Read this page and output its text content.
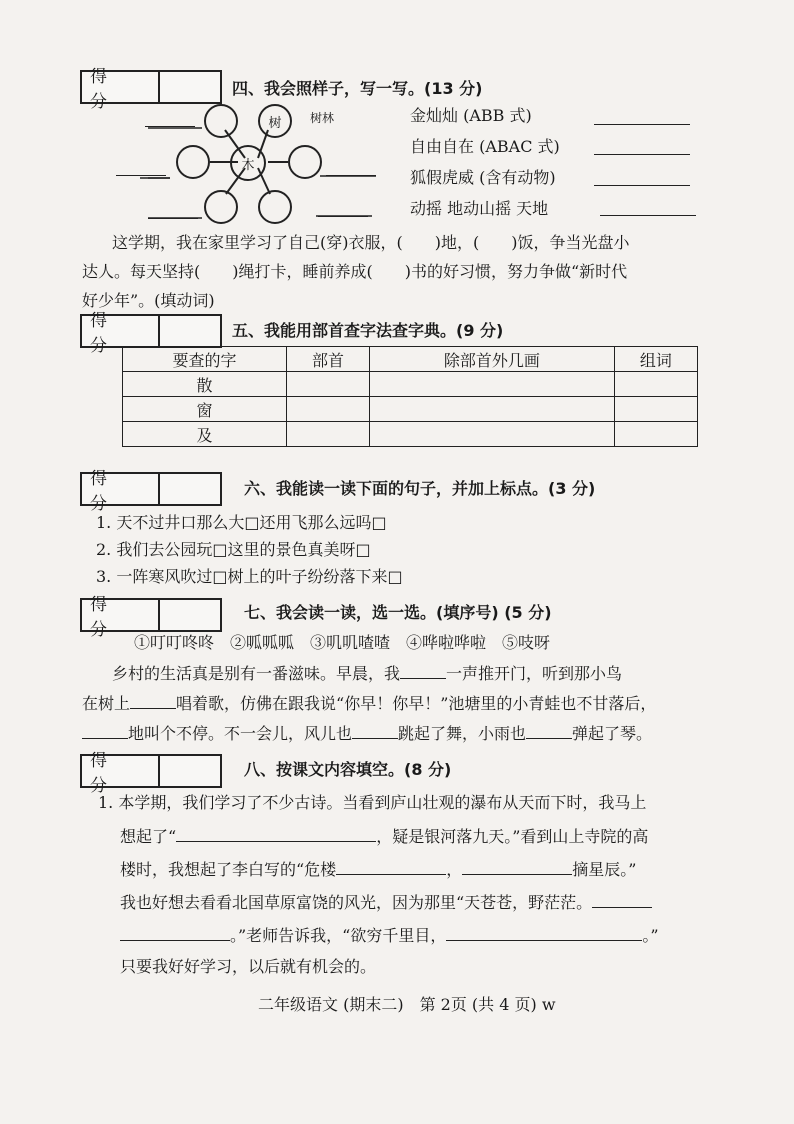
得 分
四、我会照样子，写一写。(13 分)
树 树林
木
金灿灿 (ABB 式)
自由自在 (ABAC 式)
狐假虎威 (含有动物)
动摇 地动山摇 天地
这学期，我在家里学习了自己(穿)衣服，(　　)地，(　　)饭，争当光盘小
达人。每天坚持(　　)绳打卡，睡前养成(　　)书的好习惯，努力争做“新时代
好少年”。(填动词)
得 分
五、我能用部首查字法查字典。(9 分)
要查的字	部首	除部首外几画	组词
散			
窗			
及			
得 分
六、我能读一读下面的句子，并加上标点。(3 分)
1. 天不过井口那么大□还用飞那么远吗□
2. 我们去公园玩□这里的景色真美呀□
3. 一阵寒风吹过□树上的叶子纷纷落下来□
得 分
七、我会读一读，选一选。(填序号) (5 分)
①叮叮咚咚　②呱呱呱　③叽叽喳喳　④哗啦哗啦　⑤吱呀
乡村的生活真是别有一番滋味。早晨，我	一声推开门，听到那小鸟
在树上	唱着歌，仿佛在跟我说“你早！你早！”池塘里的小青蛙也不甘落后，
地叫个不停。不一会儿，风儿也	跳起了舞，小雨也	弹起了琴。
得 分
八、按课文内容填空。(8 分)
1. 本学期，我们学习了不少古诗。当看到庐山壮观的瀑布从天而下时，我马上
想起了“	，疑是银河落九天。”看到山上寺院的高
楼时，我想起了李白写的“危楼	，	摘星辰。”
我也好想去看看北国草原富饶的风光，因为那里“天苍苍，野茫茫。
。”老师告诉我，“欲穷千里目，	。”
只要我好好学习，以后就有机会的。
二年级语文 (期末二)　第 2页 (共 4 页) w
